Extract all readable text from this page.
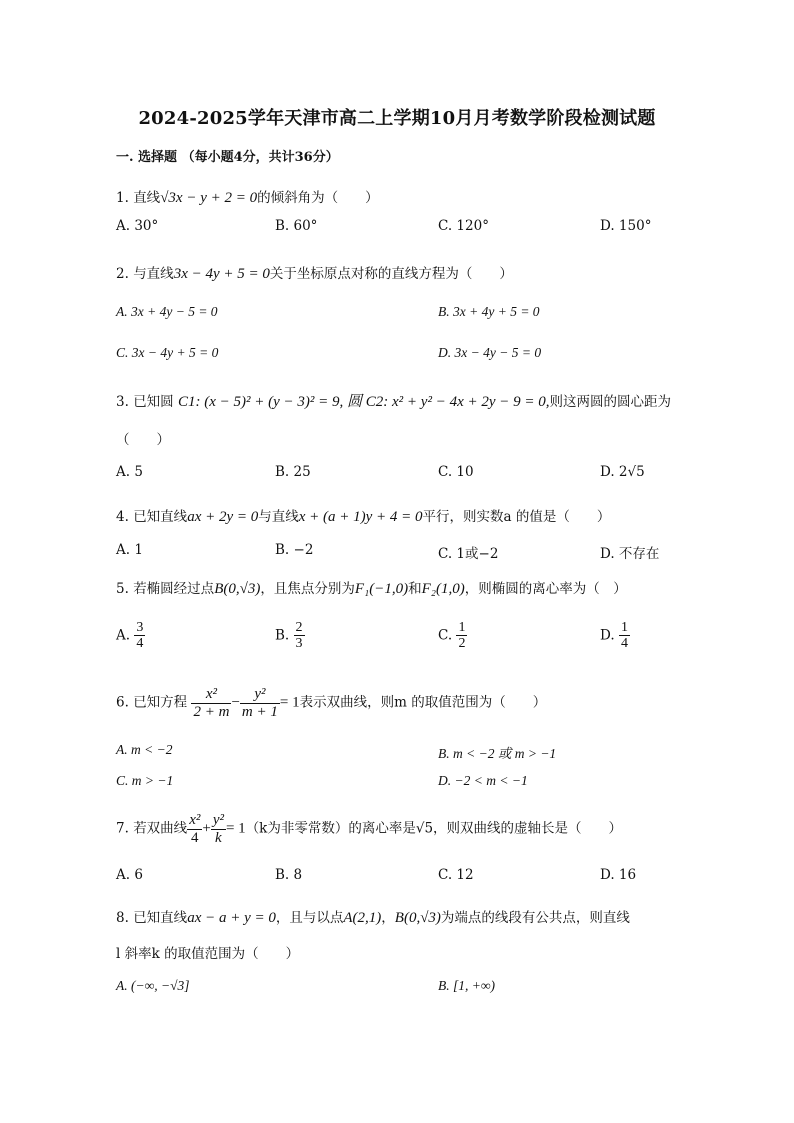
2024-2025学年天津市高二上学期10月月考数学阶段检测试题
一. 选择题 （每小题4分，共计36分）
1. 直线√3x − y + 2 = 0的倾斜角为（　　）
A. 30°	B. 60°	C. 120°	D. 150°
2. 与直线3x − 4y + 5 = 0关于坐标原点对称的直线方程为（　　）
A. 3x + 4y − 5 = 0	B. 3x + 4y + 5 = 0
C. 3x − 4y + 5 = 0	D. 3x − 4y − 5 = 0
3. 已知圆 C1: (x − 5)² + (y − 3)² = 9, 圆 C2: x² + y² − 4x + 2y − 9 = 0,则这两圆的圆心距为
（　　）
A. 5	B. 25	C. 10	D. 2√5
4. 已知直线ax + 2y = 0与直线x + (a + 1)y + 4 = 0平行，则实数a 的值是（　　）
A. 1	B. −2	C. 1或−2	D. 不存在
5. 若椭圆经过点B(0,√3)，且焦点分别为F₁(−1,0)和F₂(1,0)，则椭圆的离心率为（　）
A. $\frac{3}{4}$	B. $\frac{2}{3}$	C. $\frac{1}{2}$	D. $\frac{1}{4}$
6. 已知方程 $\frac{\text{x²}}{2 + m} - \frac{\text{y²}}{m + 1} = 1$表示双曲线，则m 的取值范围为（　　）
A. m < −2	B. m < −2 或 m > −1
C. m > −1	D. −2 < m < −1
7. 若双曲线 $\frac{\text{x²}}{4} + \frac{\text{y²}}{k} = 1(k$为非零常数）的离心率是√5，则双曲线的虚轴长是（　　）
A. 6	B. 8	C. 12	D. 16
8. 已知直线ax − a + y = 0，且与以点A(2,1)，B(0,√3)为端点的线段有公共点，则直线
l 斜率k 的取值范围为（　　）
A. (−∞, −√3]	B. [1, +∞)
